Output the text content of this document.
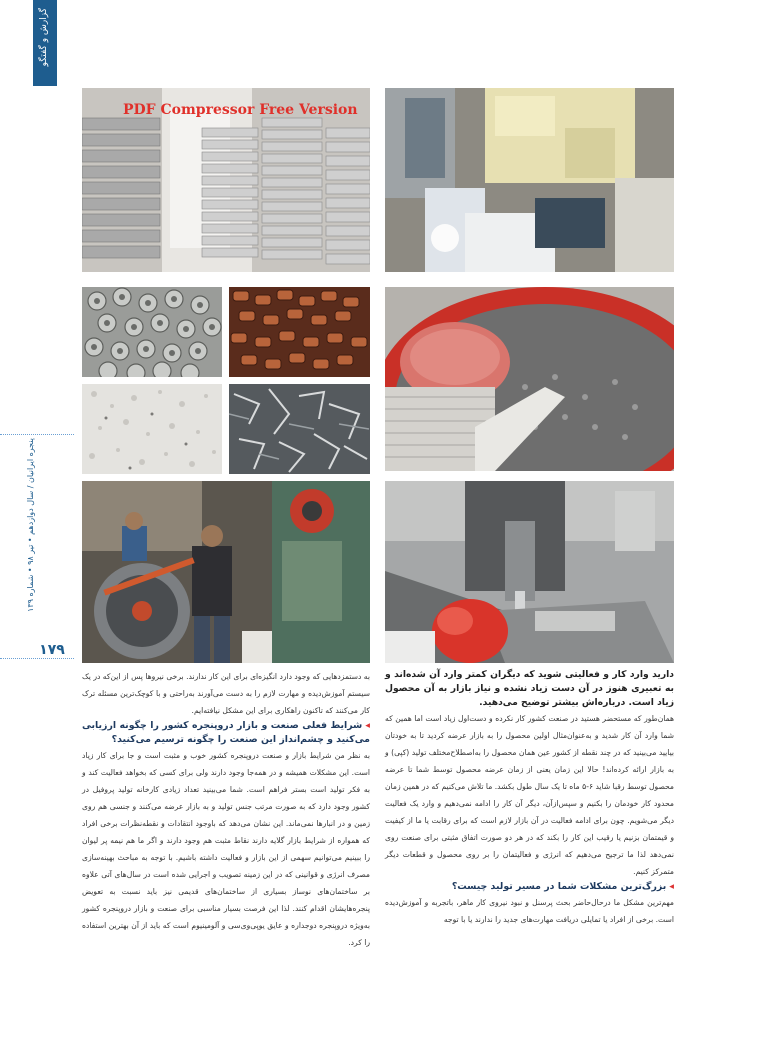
گزارش و گفتگو
پنجره ایرانیان / سال دوازدهم • تیر ۹۸ • شماره ۱۳۹
۱۷۹
PDF Compressor Free Version

دارید وارد کار و فعالیتی شوید که دیگران کمتر وارد آن شده‌اند و به تعبیری هنوز در آن دست زیاد نشده و نیاز بازار به آن محصول زیاد است. درباره‌اش بیشتر توضیح می‌دهید.

همان‌طور که مستحضر هستید در صنعت کشور کار نکرده و دست‌اول زیاد است اما همین که شما وارد آن کار شدید و به‌عنوان‌مثال اولین محصول را به بازار عرضه کردید تا به خودتان بیایید می‌بینید که در چند نقطه از کشور عین همان محصول را به‌اصطلاح‌مختلف تولید (کپی) و به بازار ارائه کرده‌اند! حالا این زمان یعنی از زمان عرضه محصول توسط شما تا عرضه محصول توسط رقبا شاید ۶-۵ ماه تا یک سال طول بکشد. ما تلاش می‌کنیم که در همین زمان محدود کار خودمان را بکنیم و سپس‌ازآن، دیگر آن کار را ادامه نمی‌دهیم و وارد یک فعالیت دیگر می‌شویم. چون برای ادامه فعالیت در آن بازار لازم است که برای رقابت یا ما از کیفیت و قیمتمان بزنیم یا رقیب این کار را بکند که در هر دو صورت اتفاق مثبتی برای صنعت روی نمی‌دهد لذا ما ترجیح می‌دهیم که انرژی و فعالیتمان را بر روی محصول و قطعات دیگر متمرکز کنیم.

◂ بزرگ‌ترین مشکلات شما در مسیر تولید چیست؟

مهم‌ترین مشکل ما درحال‌حاضر بحث پرسنل و نبود نیروی کار ماهر، باتجربه و آموزش‌دیده است. برخی از افراد یا تمایلی دریافت مهارت‌های جدید را ندارند یا با توجه

به دستمزدهایی که وجود دارد انگیزه‌ای برای این کار ندارند. برخی نیروها پس از این‌که در یک سیستم آموزش‌دیده و مهارت لازم را به دست می‌آورند به‌راحتی و با کوچک‌ترین مسئله ترک کار می‌کنند که تاکنون راهکاری برای این مشکل نیافته‌ایم.

◂ شرایط فعلی صنعت و بازار دروپنجره کشور را چگونه ارزیابی می‌کنید و چشم‌انداز این صنعت را چگونه ترسیم می‌کنید؟

به نظر من شرایط بازار و صنعت دروپنجره کشور خوب و مثبت است و جا برای کار زیاد است. این مشکلات همیشه و در همه‌جا وجود دارند ولی برای کسی که بخواهد فعالیت کند و به فکر تولید است بستر فراهم است. شما می‌بینید تعداد زیادی کارخانه تولید پروفیل در کشور وجود دارد که به صورت مرتب جنس تولید و به بازار عرضه می‌کنند و جنسی هم روی زمین و در انبارها نمی‌ماند. این نشان می‌دهد که باوجود انتقادات و نقطه‌نظرات برخی افراد که همواره از شرایط بازار گلایه دارند نقاط مثبت هم وجود دارند و اگر ما هم نیمه پر لیوان را ببینیم می‌توانیم سهمی از این بازار و فعالیت داشته باشیم. با توجه به مباحث بهینه‌سازی مصرف انرژی و قوانینی که در این زمینه تصویب و اجرایی شده است در سال‌های آتی علاوه بر ساختمان‌های نوساز بسیاری از ساختمان‌های قدیمی نیز باید نسبت به تعویض پنجره‌هایشان اقدام کنند. لذا این فرصت بسیار مناسبی برای صنعت و بازار دروپنجره کشور به‌ویژه دروپنجره دوجداره و عایق یوپی‌وی‌سی و آلومینیوم است که باید از آن بهترین استفاده را کرد.
